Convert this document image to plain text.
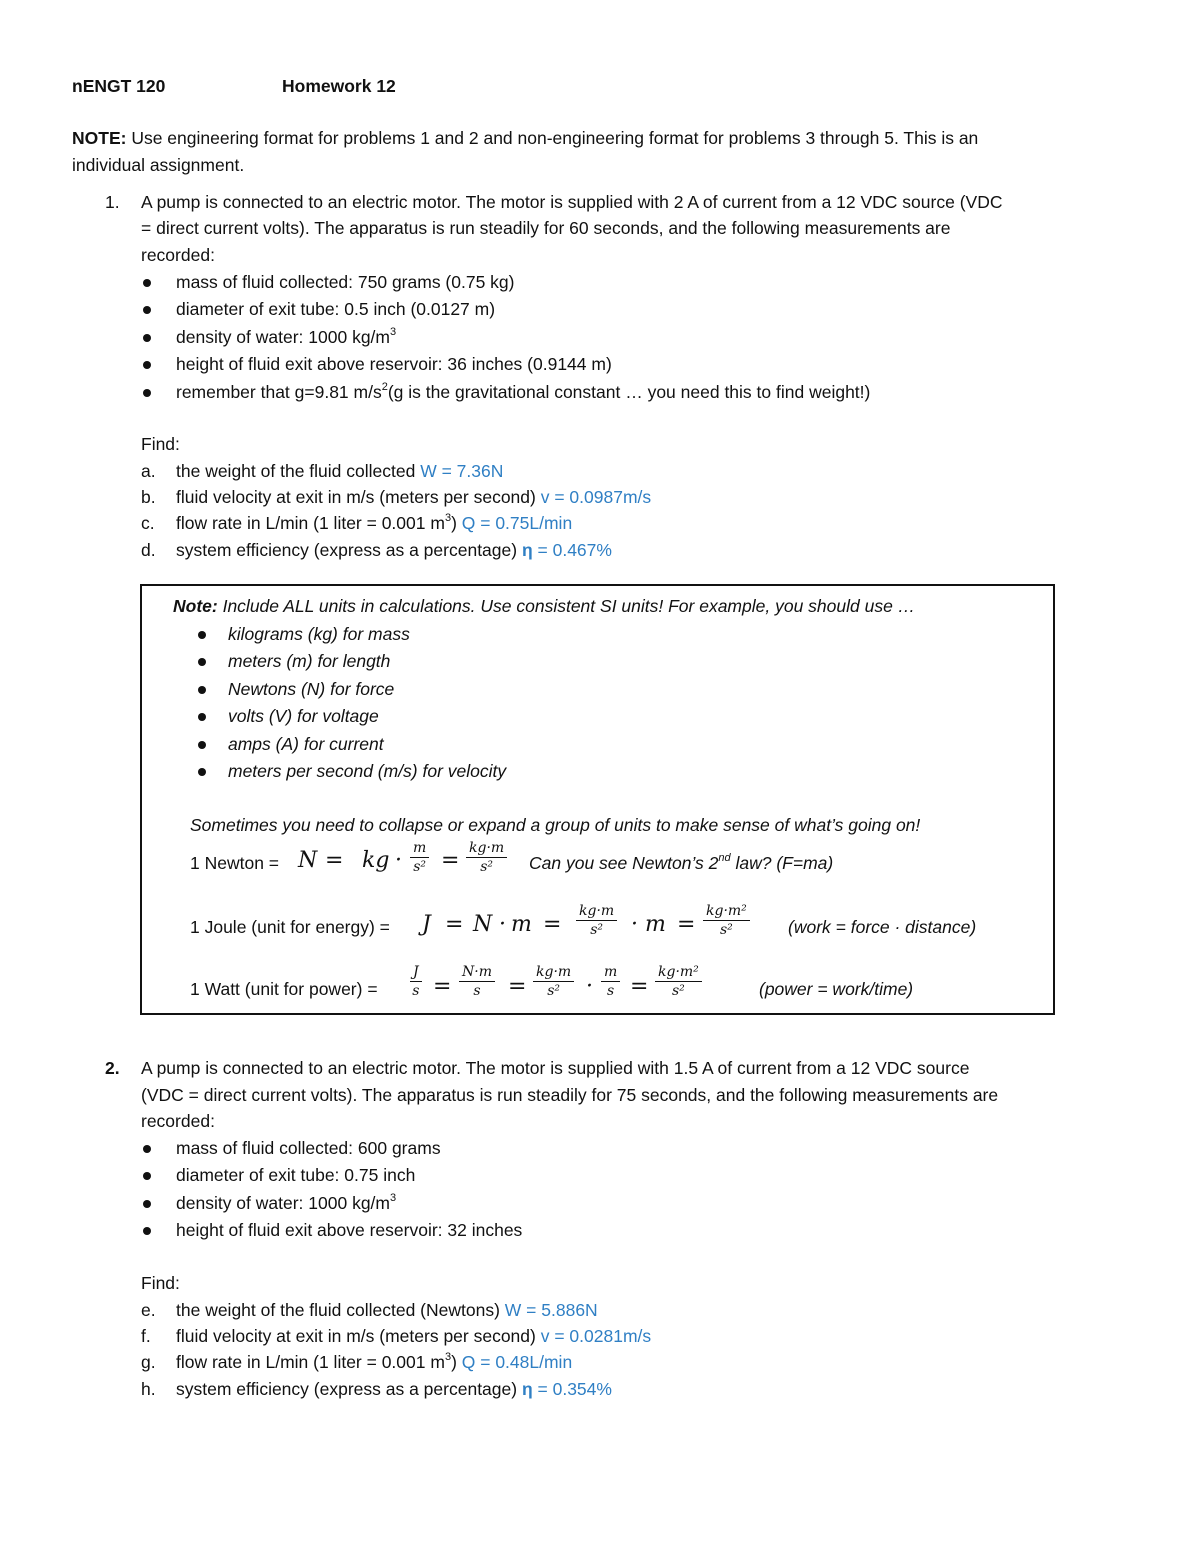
nENGT 120	Homework 12
NOTE: Use engineering format for problems 1 and 2 and non-engineering format for problems 3 through 5. This is an
individual assignment.
1. A pump is connected to an electric motor. The motor is supplied with 2 A of current from a 12 VDC source (VDC
= direct current volts). The apparatus is run steadily for 60 seconds, and the following measurements are
recorded:
mass of fluid collected: 750 grams (0.75 kg)
diameter of exit tube: 0.5 inch (0.0127 m)
density of water: 1000 $kg/m^3$
height of fluid exit above reservoir: 36 inches (0.9144 m)
remember that g=9.81 $m/s^2(g$ is the gravitational constant … you need this to find weight!)
Find:
a. the weight of the fluid collected W = 7.36N
b. fluid velocity at exit in m/s (meters per second) v = 0.0987m/s
c. flow rate in L/min (1 liter = 0.001 $m^3$) Q = 0.75L/min
d. system efficiency (express as a percentage) η = 0.467%
Note: Include ALL units in calculations. Use consistent SI units! For example, you should use …
kilograms (kg) for mass
meters (m) for length
Newtons (N) for force
volts (V) for voltage
amps (A) for current
meters per second (m/s) for velocity
Sometimes you need to collapse or expand a group of units to make sense of what’s going on!
1 Newton = N = kg · $\frac{m}{\text{s²}} = \frac{kg\cdot m}{\text{s²}}$ Can you see Newton’s 2nd law? (F=ma)
1 Joule (unit for energy) = $J = N \cdot m = \frac{kg\cdot m}{\text{s²}} \cdot m = \frac{\text{kg·m²}}{\text{s²}}$ (work = force · distance)
1 Watt (unit for power) = $\frac{J}{s} = \frac{N\cdot m}{s} = \frac{kg\cdot m}{\text{s²}} \cdot \frac{m}{s} = \frac{\text{kg·m²}}{\text{s²}}$	(power = work/time)
2. A pump is connected to an electric motor. The motor is supplied with 1.5 A of current from a 12 VDC source
(VDC = direct current volts). The apparatus is run steadily for 75 seconds, and the following measurements are
recorded:
mass of fluid collected: 600 grams
diameter of exit tube: 0.75 inch
density of water: 1000 $kg/m^3$
height of fluid exit above reservoir: 32 inches
Find:
e. the weight of the fluid collected (Newtons) W = 5.886N
f. fluid velocity at exit in m/s (meters per second) v = 0.0281m/s
g. flow rate in L/min (1 liter = 0.001 $m^3$) Q = 0.48L/min
h. system efficiency (express as a percentage) η = 0.354%
